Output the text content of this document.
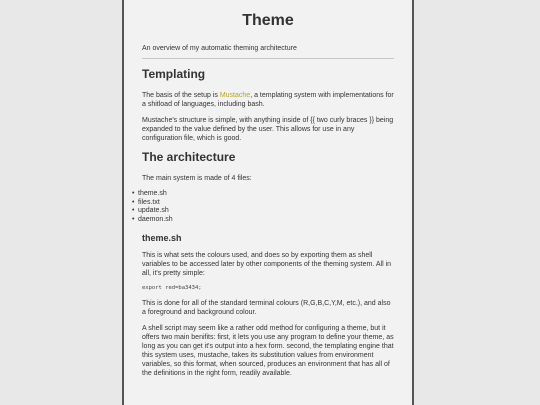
Theme
An overview of my automatic theming architecture
Templating

The basis of the setup is Mustache, a templating system with implementations for a shitload of languages, including bash.

Mustache's structure is simple, with anything inside of {{ two curly braces }} being expanded to the value defined by the user. This allows for use in any configuration file, which is good.

The architecture

The main system is made of 4 files:

• theme.sh
• files.txt
• update.sh
• daemon.sh
theme.sh

This is what sets the colours used, and does so by exporting them as shell variables to be accessed later by other components of the theming system. All in all, it's pretty simple:

export red=ba3434;

This is done for all of the standard terminal colours (R,G,B,C,Y,M, etc.), and also a foreground and background colour.

A shell script may seem like a rather odd method for configuring a theme, but it offers two main benifits: first, it lets you use any program to define your theme, as long as you can get it's output into a hex form. second, the templating engine that this system uses, mustache, takes its substitution values from environment variables, so this format, when sourced, produces an environment that has all of the definitions in the right form, readily available.
